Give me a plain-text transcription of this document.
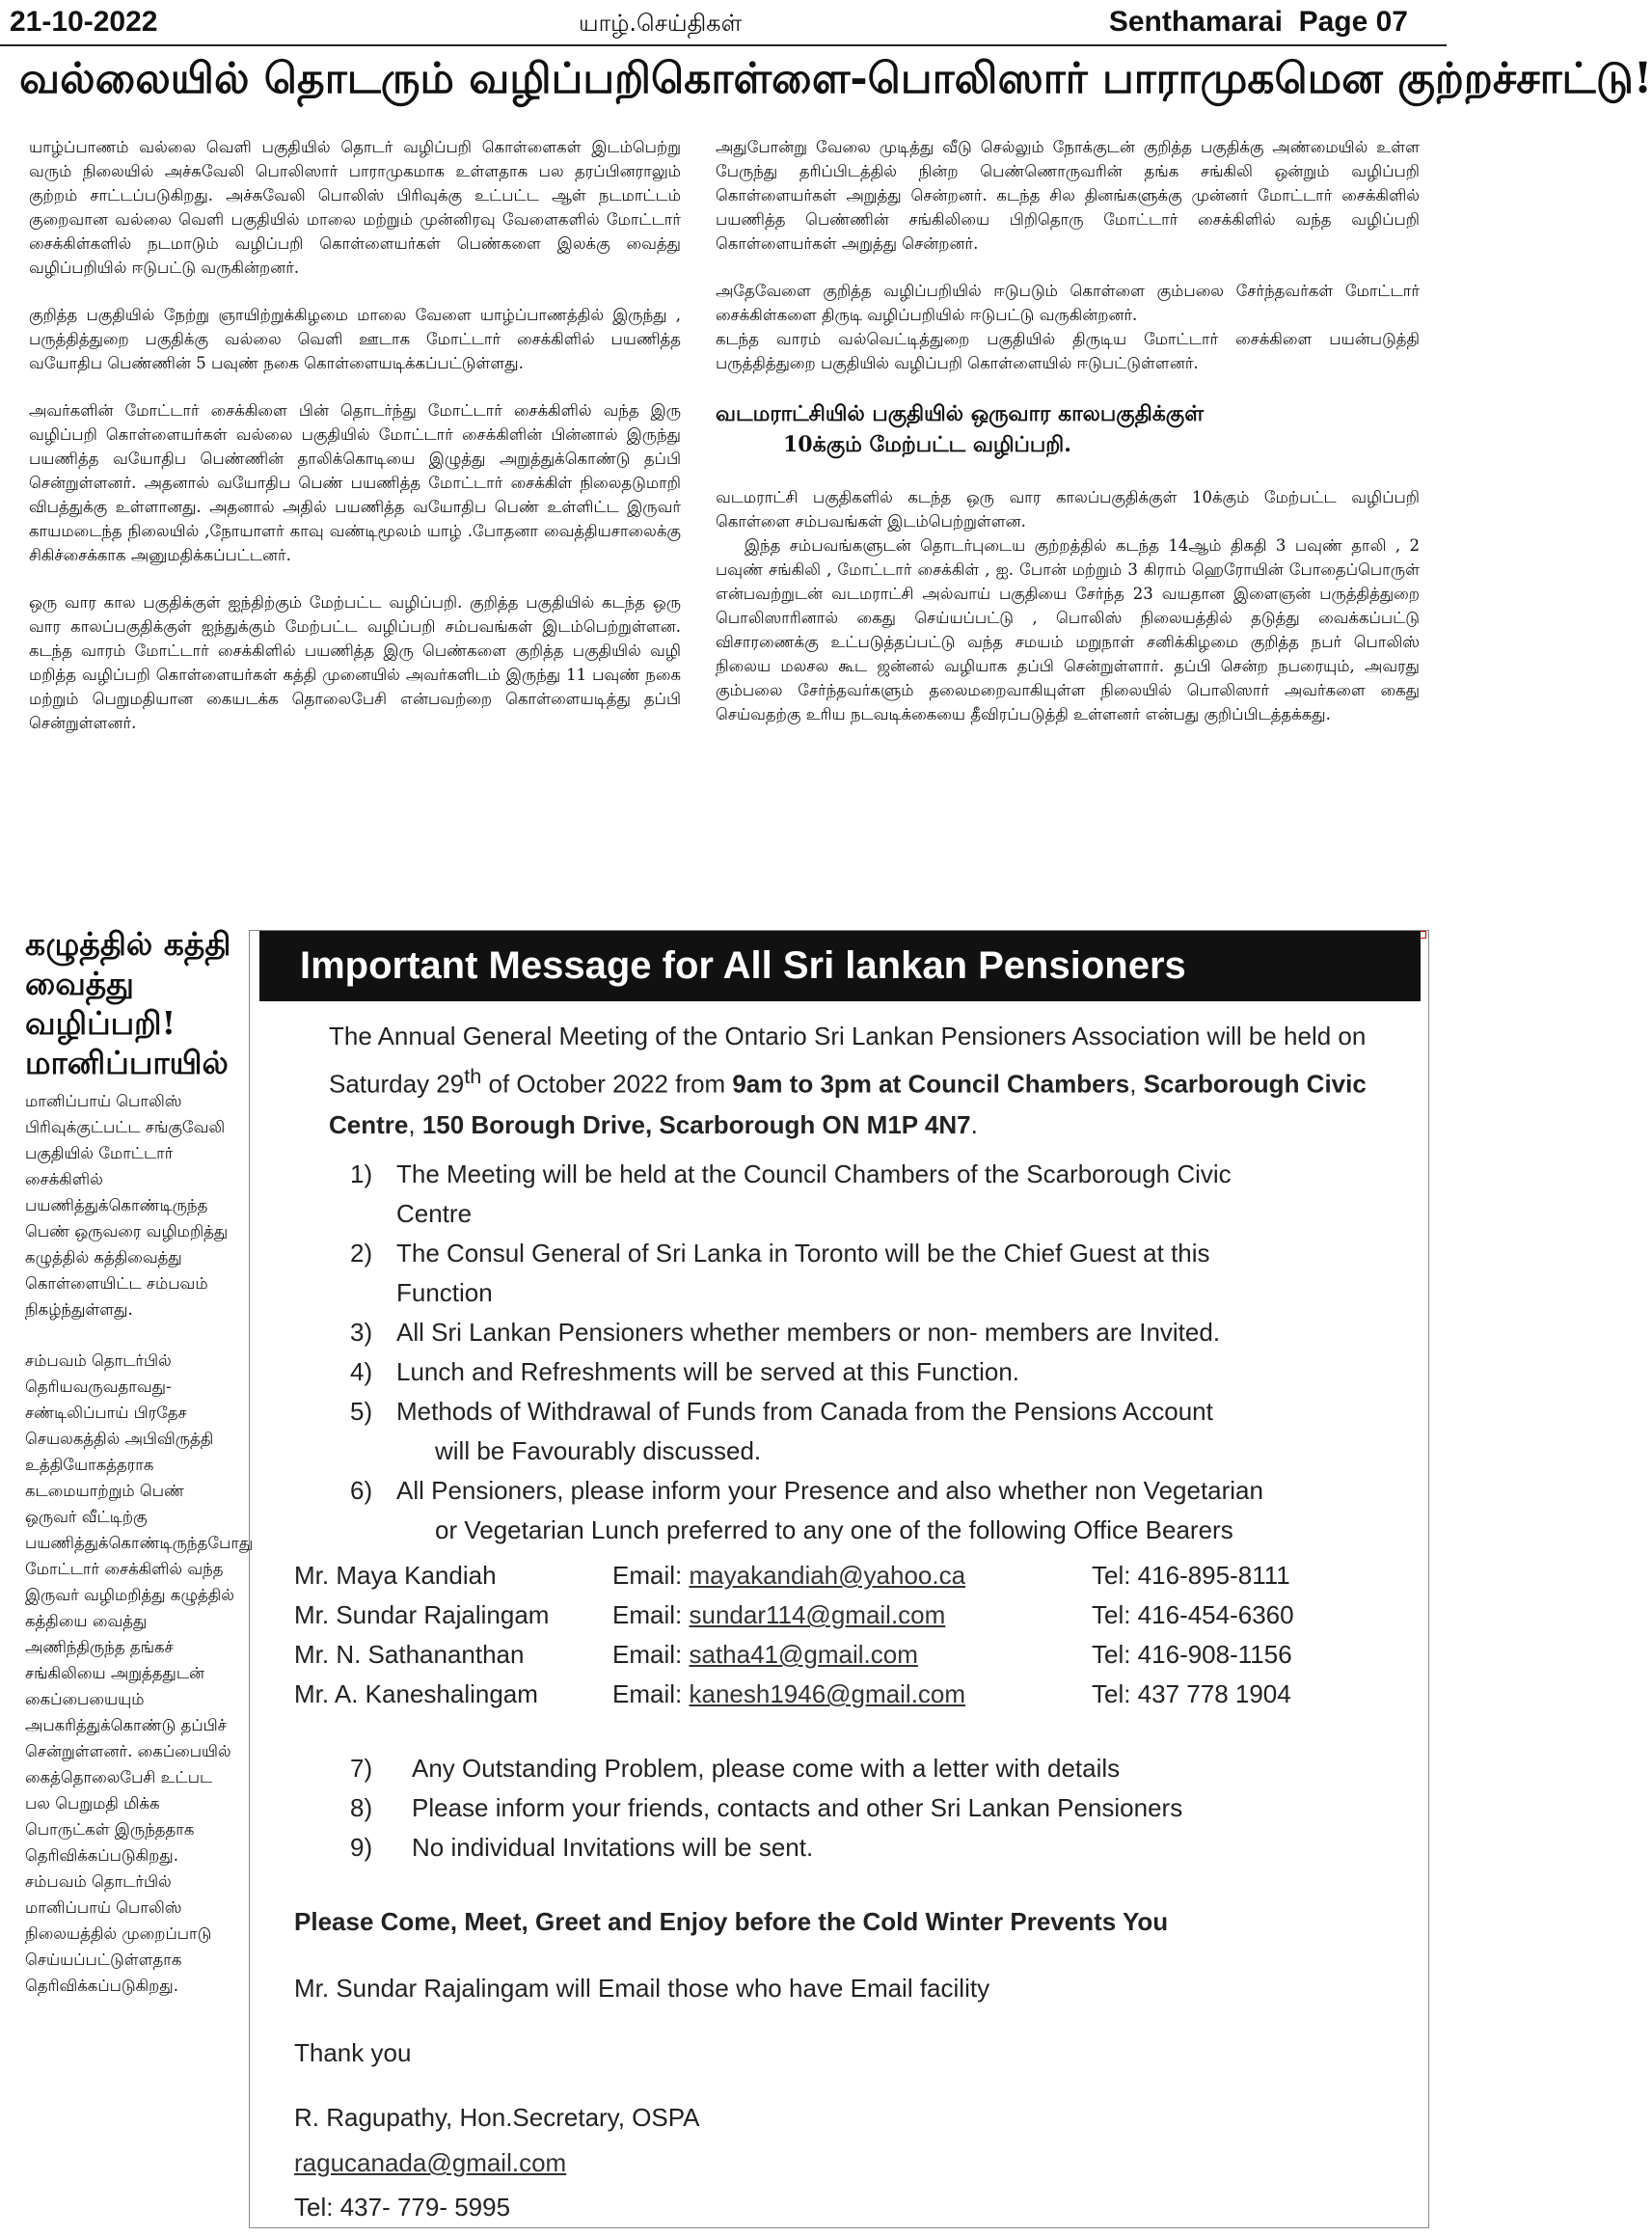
21-10-2022	யாழ்.செய்திகள்	Senthamarai Page 07
வல்லையில் தொடரும் வழிப்பறிகொள்ளை-பொலிஸார் பாராமுகமென குற்றச்சாட்டு!

யாழ்ப்பாணம் வல்லை வெளி பகுதியில் தொடர் வழிப்பறி கொள்ளைகள் இடம்பெற்று வரும் நிலையில் அச்சுவேலி பொலிஸார் பாராமுகமாக உள்ளதாக பல தரப்பினராலும் குற்றம் சாட்டப்படுகிறது. அச்சுவேலி பொலிஸ் பிரிவுக்கு உட்பட்ட ஆள் நடமாட்டம் குறைவான வல்லை வெளி பகுதியில் மாலை மற்றும் முன்னிரவு வேளைகளில் மோட்டார் சைக்கிள்களில் நடமாடும் வழிப்பறி கொள்ளையர்கள் பெண்களை இலக்கு வைத்து வழிப்பறியில் ஈடுபட்டு வருகின்றனர்.

குறித்த பகுதியில் நேற்று ஞாயிற்றுக்கிழமை மாலை வேளை யாழ்ப்பாணத்தில் இருந்து , பருத்தித்துறை பகுதிக்கு வல்லை வெளி ஊடாக மோட்டார் சைக்கிளில் பயணித்த வயோதிப பெண்ணின் 5 பவுண் நகை கொள்ளையடிக்கப்பட்டுள்ளது.

அவர்களின் மோட்டார் சைக்கிளை பின் தொடர்ந்து மோட்டார் சைக்கிளில் வந்த இரு வழிப்பறி கொள்ளையர்கள் வல்லை பகுதியில் மோட்டார் சைக்கிளின் பின்னால் இருந்து பயணித்த வயோதிப பெண்ணின் தாலிக்கொடியை இழுத்து அறுத்துக்கொண்டு தப்பி சென்றுள்ளனர். அதனால் வயோதிப பெண் பயணித்த மோட்டார் சைக்கிள் நிலைதடுமாறி விபத்துக்கு உள்ளானது. அதனால் அதில் பயணித்த வயோதிப பெண் உள்ளிட்ட இருவர் காயமடைந்த நிலையில் ,நோயாளர் காவு வண்டிமூலம் யாழ் .போதனா வைத்தியசாலைக்கு சிகிச்சைக்காக அனுமதிக்கப்பட்டனர்.

ஒரு வார கால பகுதிக்குள் ஐந்திற்கும் மேற்பட்ட வழிப்பறி. குறித்த பகுதியில் கடந்த ஒரு வார காலப்பகுதிக்குள் ஐந்துக்கும் மேற்பட்ட வழிப்பறி சம்பவங்கள் இடம்பெற்றுள்ளன. கடந்த வாரம் மோட்டார் சைக்கிளில் பயணித்த இரு பெண்களை குறித்த பகுதியில் வழி மறித்த வழிப்பறி கொள்ளையர்கள் கத்தி முனையில் அவர்களிடம் இருந்து 11 பவுண் நகை மற்றும் பெறுமதியான கையடக்க தொலைபேசி என்பவற்றை கொள்ளையடித்து தப்பி சென்றுள்ளனர்.

அதுபோன்று வேலை முடித்து வீடு செல்லும் நோக்குடன் குறித்த பகுதிக்கு அண்மையில் உள்ள பேருந்து தரிப்பிடத்தில் நின்ற பெண்ணொருவரின் தங்க சங்கிலி ஒன்றும் வழிப்பறி கொள்ளையர்கள் அறுத்து சென்றனர். கடந்த சில தினங்களுக்கு முன்னர் மோட்டார் சைக்கிளில் பயணித்த பெண்ணின் சங்கிலியை பிறிதொரு மோட்டார் சைக்கிளில் வந்த வழிப்பறி கொள்ளையர்கள் அறுத்து சென்றனர்.

அதேவேளை குறித்த வழிப்பறியில் ஈடுபடும் கொள்ளை கும்பலை சேர்ந்தவர்கள் மோட்டார் சைக்கிள்களை திருடி வழிப்பறியில் ஈடுபட்டு வருகின்றனர்.

கடந்த வாரம் வல்வெட்டித்துறை பகுதியில் திருடிய மோட்டார் சைக்கிளை பயன்படுத்தி பருத்தித்துறை பகுதியில் வழிப்பறி கொள்ளையில் ஈடுபட்டுள்ளனர்.

வடமராட்சியில் பகுதியில் ஒருவார காலபகுதிக்குள்
10க்கும் மேற்பட்ட வழிப்பறி.

வடமராட்சி பகுதிகளில் கடந்த ஒரு வார காலப்பகுதிக்குள் 10க்கும் மேற்பட்ட வழிப்பறி கொள்ளை சம்பவங்கள் இடம்பெற்றுள்ளன.

இந்த சம்பவங்களுடன் தொடர்புடைய குற்றத்தில் கடந்த 14ஆம் திகதி 3 பவுண் தாலி , 2 பவுண் சங்கிலி , மோட்டார் சைக்கிள் , ஐ. போன் மற்றும் 3 கிராம் ஹெரோயின் போதைப்பொருள் என்பவற்றுடன் வடமராட்சி அல்வாய் பகுதியை சேர்ந்த 23 வயதான இளைஞன் பருத்தித்துறை பொலிஸாரினால் கைது செய்யப்பட்டு , பொலிஸ் நிலையத்தில் தடுத்து வைக்கப்பட்டு விசாரணைக்கு உட்படுத்தப்பட்டு வந்த சமயம் மறுநாள் சனிக்கிழமை குறித்த நபர் பொலிஸ் நிலைய மலசல கூட ஜன்னல் வழியாக தப்பி சென்றுள்ளார். தப்பி சென்ற நபரையும், அவரது கும்பலை சேர்ந்தவர்களும் தலைமறைவாகியுள்ள நிலையில் பொலிஸார் அவர்களை கைது செய்வதற்கு உரிய நடவடிக்கையை தீவிரப்படுத்தி உள்ளனர் என்பது குறிப்பிடத்தக்கது.

கழுத்தில் கத்தி வைத்து வழிப்பறி! மானிப்பாயில்

மானிப்பாய் பொலிஸ் பிரிவுக்குட்பட்ட சங்குவேலி பகுதியில் மோட்டார் சைக்கிளில் பயணித்துக்கொண்டிருந்த பெண் ஒருவரை வழிமறித்து கழுத்தில் கத்திவைத்து கொள்ளையிட்ட சம்பவம் நிகழ்ந்துள்ளது.

சம்பவம் தொடர்பில் தெரியவருவதாவது- சண்டிலிப்பாய் பிரதேச செயலகத்தில் அபிவிருத்தி உத்தியோகத்தராக கடமையாற்றும் பெண் ஒருவர் வீட்டிற்கு பயணித்துக்கொண்டிருந்தபோது மோட்டார் சைக்கிளில் வந்த இருவர் வழிமறித்து கழுத்தில் கத்தியை வைத்து அணிந்திருந்த தங்கச் சங்கிலியை அறுத்ததுடன் கைப்பையையும் அபகரித்துக்கொண்டு தப்பிச் சென்றுள்ளனர். கைப்பையில் கைத்தொலைபேசி உட்பட பல பெறுமதி மிக்க பொருட்கள் இருந்ததாக தெரிவிக்கப்படுகிறது. சம்பவம் தொடர்பில் மானிப்பாய் பொலிஸ் நிலையத்தில் முறைப்பாடு செய்யப்பட்டுள்ளதாக தெரிவிக்கப்படுகிறது.

Important Message for All Sri lankan Pensioners
The Annual General Meeting of the Ontario Sri Lankan Pensioners Association will be held on Saturday 29th of October 2022 from 9am to 3pm at Council Chambers, Scarborough Civic Centre, 150 Borough Drive, Scarborough ON M1P 4N7.
1) The Meeting will be held at the Council Chambers of the Scarborough Civic
Centre
2) The Consul General of Sri Lanka in Toronto will be the Chief Guest at this
Function
3) All Sri Lankan Pensioners whether members or non- members are Invited.
4) Lunch and Refreshments will be served at this Function.
5) Methods of Withdrawal of Funds from Canada from the Pensions Account
will be Favourably discussed.
6) All Pensioners, please inform your Presence and also whether non Vegetarian
or Vegetarian Lunch preferred to any one of the following Office Bearers
Mr. Maya Kandiah	Email: mayakandiah@yahoo.ca	Tel: 416-895-8111
Mr. Sundar Rajalingam	Email: sundar114@gmail.com	Tel: 416-454-6360
Mr. N. Sathananthan	Email: satha41@gmail.com	Tel: 416-908-1156
Mr. A. Kaneshalingam	Email: kanesh1946@gmail.com	Tel: 437 778 1904
7) Any Outstanding Problem, please come with a letter with details
8) Please inform your friends, contacts and other Sri Lankan Pensioners
9) No individual Invitations will be sent.
Please Come, Meet, Greet and Enjoy before the Cold Winter Prevents You
Mr. Sundar Rajalingam will Email those who have Email facility
Thank you
R. Ragupathy, Hon.Secretary, OSPA
ragucanada@gmail.com
Tel: 437- 779- 5995
